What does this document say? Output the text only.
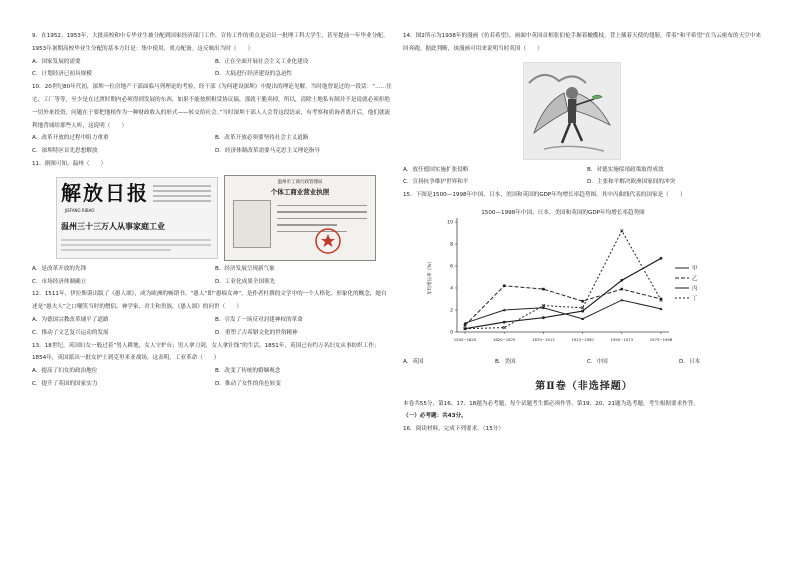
9．在1952、1953年，大批高校和中专毕业生被分配到国家经济部门工作，宣传工作的重点是动员一批理工科大学生，甚至提前一年毕业分配。1953年暑期高校毕业生分配的基本方针是：集中使用，重点配备。这反映出当时（　　）

A．国家发展的需要	B．正在全面开展社会主义工业化建设
C．计划经济已初具规模	D．大陆进行经济建设的急迫性

10．20世纪80年代初，深圳一位房地产干部面临马列理论的考验，经干部《为何建设深圳》中提出的理论见解，当时他曾说过的一段话：“……住宅、工厂等等，至少是在过渡时期内必须得到发展的东西，如果不能按照租赁协议搞，那就干脆卖掉，所以，清除土地私有制并不是说就必须拒绝一切外来投资，问题在于要把地租作为一种财政收入的形式——转交给社会。”当时深圳干部人人会背这段语录，有考察和质询者离开后，他们就流利地背诵给那些人听，这说明（　　）

A．改革开放的过程中阻力重重	B．改革开放必须要坚持社会主义道路
C．深圳特区首先思想解放	D．经济体制改革需要马克思主义理论指导

11．据图可知，温州（　　）

解放日报
JIEFANG RIBAO
温州三十三万人从事家庭工业
温州市工商行政管理局
个体工商业营业执照
A．是改革开放的先锋	B．经济发展呈现新气象
C．市场经济体制确立	D．工业化成果全国领先

12．1511年，伊拉斯谟出版了《愚人颂》，成为欧洲的畅销书。“愚人”即“愚痴女神”，是作者杜撰的文学中的一个人格化、形象化的概念，她自述是“愚夫人”之口嘲笑当时的僧侣、神学家、君主和贵族。《愚人颂》的问世（　　）

A．为德国宗教改革铺平了道路	B．引发了一场反对封建神权的革命
C．推动了文艺复兴运动的发展	D．重塑了古希腊文化的世俗精神

13．18世纪，英国妇女一般过着“男人耕地，女人守炉台；男人拿刀剑，女人拿针线”的生活。1851年，英国已有约万名妇女从事纺织工作；1854年，英国派出一批女护士到克里米亚战场。这表明，工业革命（　　）

A．提高了妇女的政治地位	B．改变了传统的婚姻观念
C．提升了英国的国家实力	D．推动了女性的角色转变

14．图2所示为1938年的漫画《仿若希望》，画面中英国首相张伯伦手握着橄榄枝，背上插着天使的翅膀，带着“和平希望”在乌云密布的天空中来回奔跑。据此判断，该漫画可用来说明当时英国（　　）

A．放任德国实施扩张侵略	B．对德实施绥靖政策取得成效
C．宣扬抗争维护世界和平	D．主张和平解决欧洲国家间的冲突

15．下图是1500—1998年中国、日本、美国和英国的GDP年均增长率趋势图。其中丙曲线代表的国家是（　　）

1500—1998年中国、日本、美国和英国的GDP年均增长率趋势图
年均增长率（%）
0
2
4
6
8
10
1500~1820	1820~1870	1870~1913	1913~1950	1950~1973	1973~1998
甲
乙
丙
丁
A．英国	B．美国	C．中国	D．日本
第Ⅱ卷（非选择题）

本卷共55分，第16、17、18题为必考题，每个试题考生都必须作答。第19、20、21题为选考题，考生根据要求作答。

（一）必考题：共43分。

16．阅读材料，完成下列要求。（15分）
